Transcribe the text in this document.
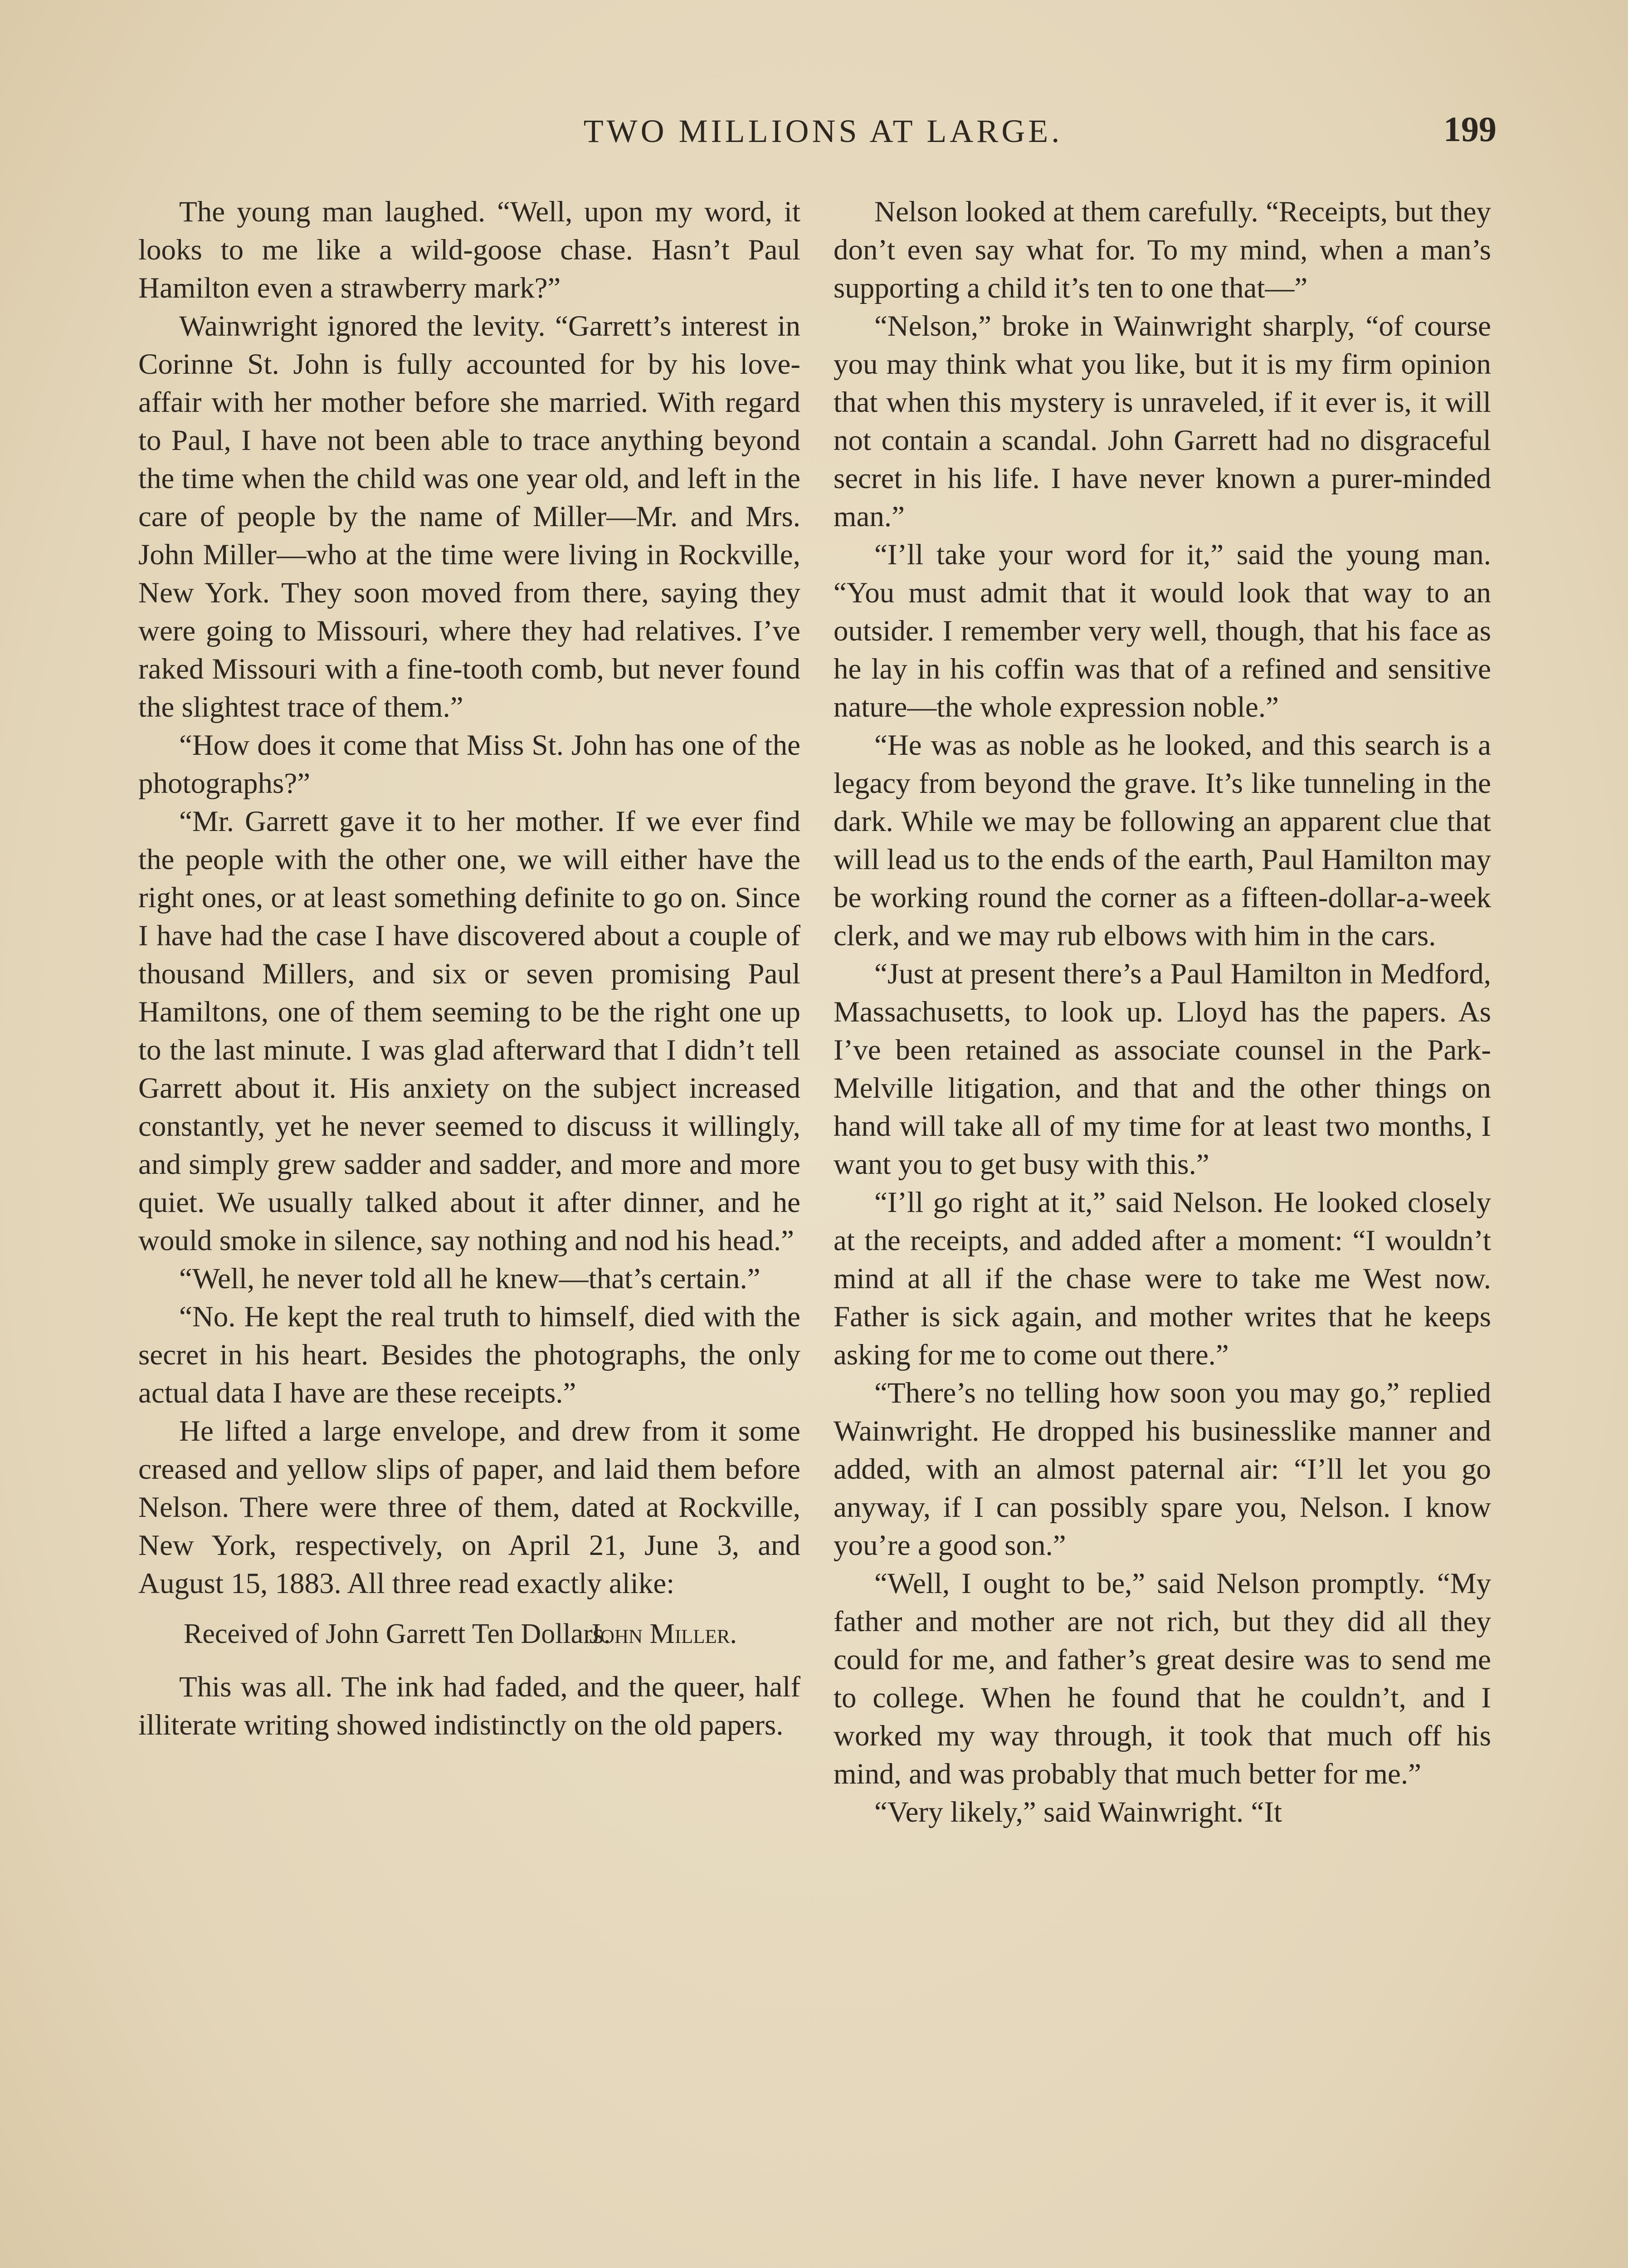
TWO MILLIONS AT LARGE.	199

The young man laughed. “Well, upon my word, it looks to me like a wild-goose chase. Hasn’t Paul Hamilton even a strawberry mark?”

Wainwright ignored the levity. “Garrett’s interest in Corinne St. John is fully accounted for by his love-affair with her mother before she married. With regard to Paul, I have not been able to trace anything beyond the time when the child was one year old, and left in the care of people by the name of Miller—Mr. and Mrs. John Miller—who at the time were living in Rockville, New York. They soon moved from there, saying they were going to Missouri, where they had relatives. I’ve raked Missouri with a fine-tooth comb, but never found the slightest trace of them.”

“How does it come that Miss St. John has one of the photographs?”

“Mr. Garrett gave it to her mother. If we ever find the people with the other one, we will either have the right ones, or at least something definite to go on. Since I have had the case I have discovered about a couple of thousand Millers, and six or seven promising Paul Hamiltons, one of them seeming to be the right one up to the last minute. I was glad afterward that I didn’t tell Garrett about it. His anxiety on the subject increased constantly, yet he never seemed to discuss it willingly, and simply grew sadder and sadder, and more and more quiet. We usually talked about it after dinner, and he would smoke in silence, say nothing and nod his head.”

“Well, he never told all he knew—that’s certain.”

“No. He kept the real truth to himself, died with the secret in his heart. Besides the photographs, the only actual data I have are these receipts.”

He lifted a large envelope, and drew from it some creased and yellow slips of paper, and laid them before Nelson. There were three of them, dated at Rockville, New York, respectively, on April 21, June 3, and August 15, 1883. All three read exactly alike:

Received of John Garrett Ten Dollars.
John Miller.

This was all. The ink had faded, and the queer, half illiterate writing showed indistinctly on the old papers.

Nelson looked at them carefully. “Receipts, but they don’t even say what for. To my mind, when a man’s supporting a child it’s ten to one that—”

“Nelson,” broke in Wainwright sharply, “of course you may think what you like, but it is my firm opinion that when this mystery is unraveled, if it ever is, it will not contain a scandal. John Garrett had no disgraceful secret in his life. I have never known a purer-minded man.”

“I’ll take your word for it,” said the young man. “You must admit that it would look that way to an outsider. I remember very well, though, that his face as he lay in his coffin was that of a refined and sensitive nature—the whole expression noble.”

“He was as noble as he looked, and this search is a legacy from beyond the grave. It’s like tunneling in the dark. While we may be following an apparent clue that will lead us to the ends of the earth, Paul Hamilton may be working round the corner as a fifteen-dollar-a-week clerk, and we may rub elbows with him in the cars.

“Just at present there’s a Paul Hamilton in Medford, Massachusetts, to look up. Lloyd has the papers. As I’ve been retained as associate counsel in the Park-Melville litigation, and that and the other things on hand will take all of my time for at least two months, I want you to get busy with this.”

“I’ll go right at it,” said Nelson. He looked closely at the receipts, and added after a moment: “I wouldn’t mind at all if the chase were to take me West now. Father is sick again, and mother writes that he keeps asking for me to come out there.”

“There’s no telling how soon you may go,” replied Wainwright. He dropped his businesslike manner and added, with an almost paternal air: “I’ll let you go anyway, if I can possibly spare you, Nelson. I know you’re a good son.”

“Well, I ought to be,” said Nelson promptly. “My father and mother are not rich, but they did all they could for me, and father’s great desire was to send me to college. When he found that he couldn’t, and I worked my way through, it took that much off his mind, and was probably that much better for me.”

“Very likely,” said Wainwright. “It
